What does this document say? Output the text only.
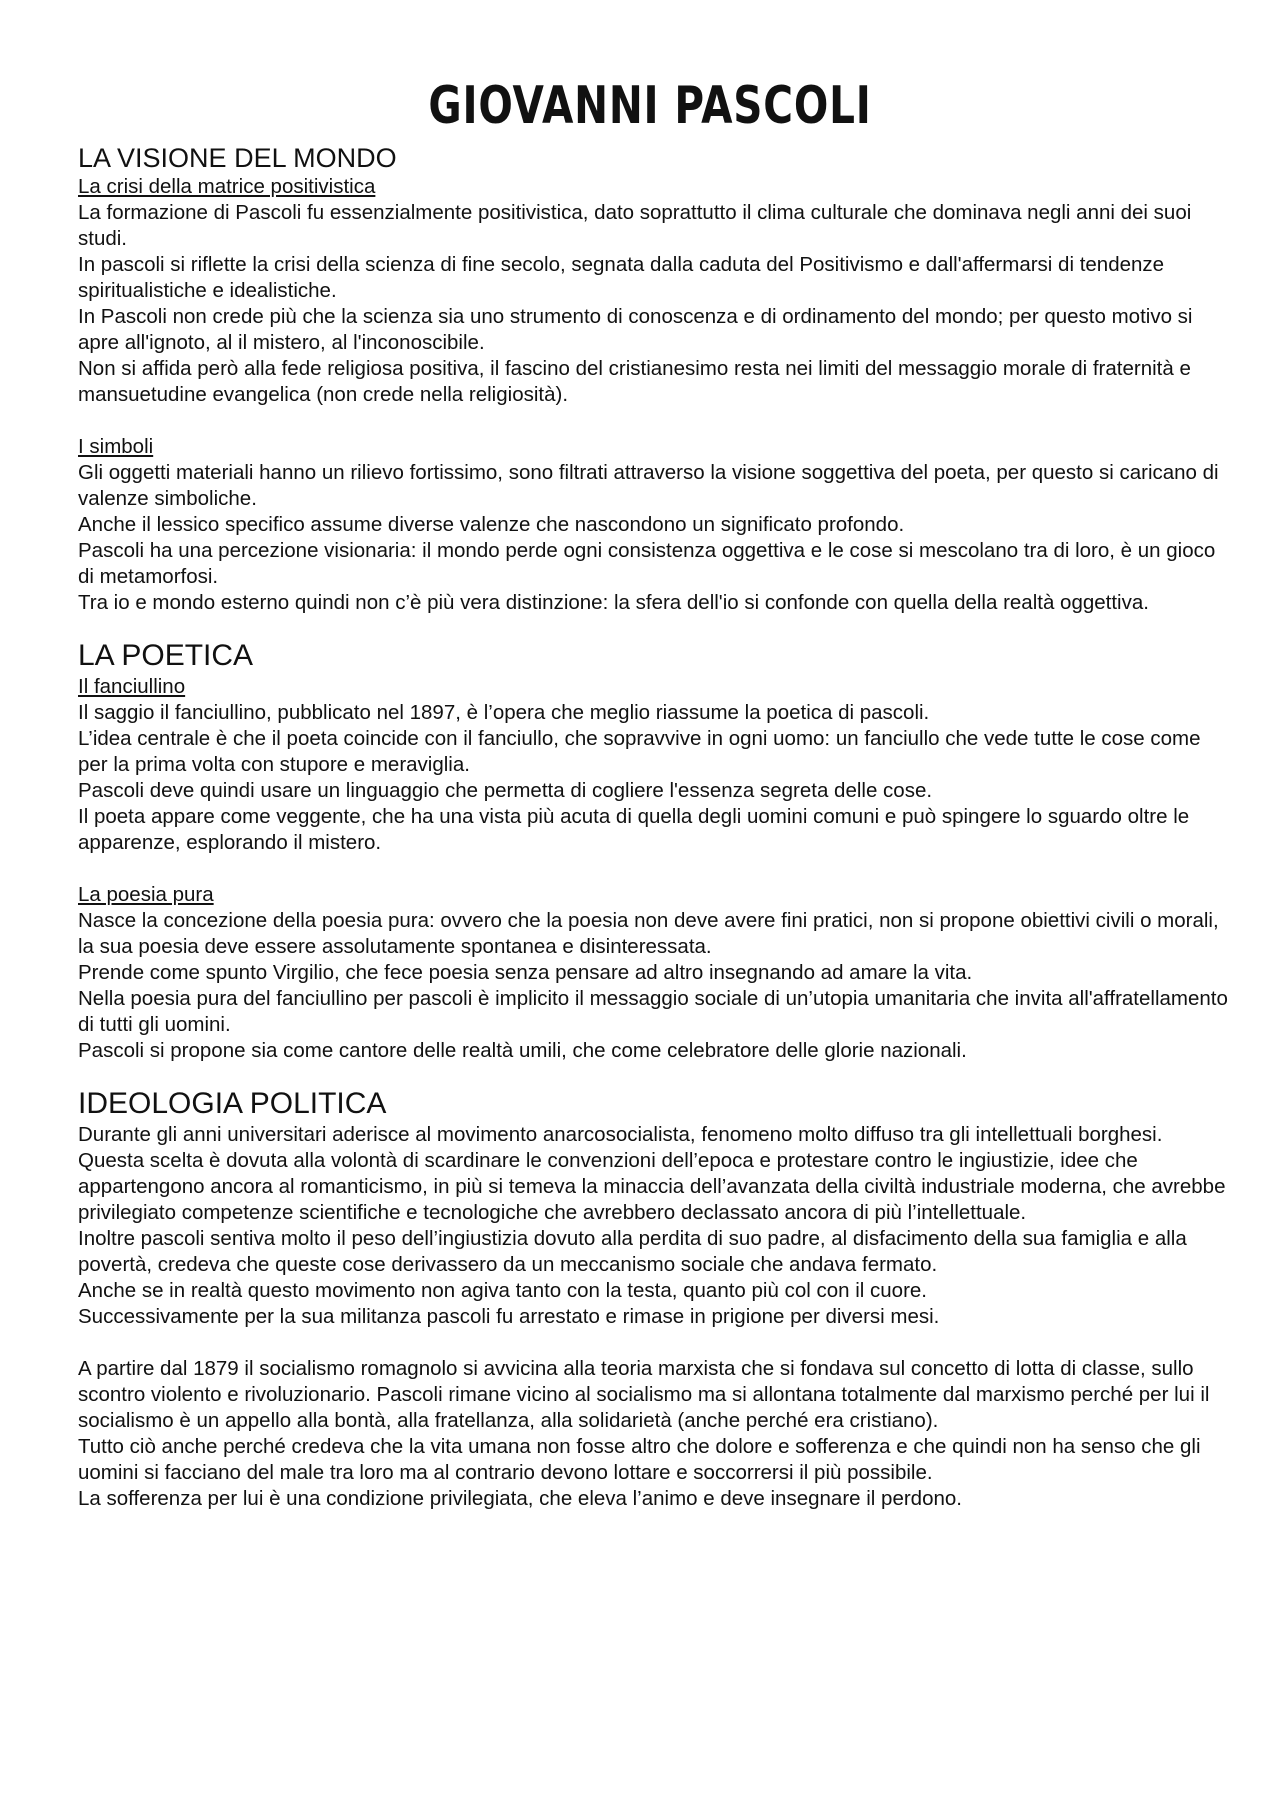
GIOVANNI PASCOLI
LA VISIONE DEL MONDO
La crisi della matrice positivistica
La formazione di Pascoli fu essenzialmente positivistica, dato soprattutto il clima culturale che dominava negli anni dei suoi studi.
In pascoli si riflette la crisi della scienza di fine secolo, segnata dalla caduta del Positivismo e dall'affermarsi di tendenze spiritualistiche e idealistiche.
In Pascoli non crede più che la scienza sia uno strumento di conoscenza e di ordinamento del mondo; per questo motivo si apre all'ignoto, al il mistero, al l'inconoscibile.
Non si affida però alla fede religiosa positiva, il fascino del cristianesimo resta nei limiti del messaggio morale di fraternità e mansuetudine evangelica (non crede nella religiosità).
I simboli
Gli oggetti materiali hanno un rilievo fortissimo, sono filtrati attraverso la visione soggettiva del poeta, per questo si caricano di valenze simboliche.
Anche il lessico specifico assume diverse valenze che nascondono un significato profondo.
Pascoli ha una percezione visionaria: il mondo perde ogni consistenza oggettiva e le cose si mescolano tra di loro, è un gioco di metamorfosi.
Tra io e mondo esterno quindi non c’è più vera distinzione: la sfera dell'io si confonde con quella della realtà oggettiva.
LA POETICA
Il fanciullino
Il saggio il fanciullino, pubblicato nel 1897, è l’opera che meglio riassume la poetica di pascoli.
L’idea centrale è che il poeta coincide con il fanciullo, che sopravvive in ogni uomo: un fanciullo che vede tutte le cose come per la prima volta con stupore e meraviglia.
Pascoli deve quindi usare un linguaggio che permetta di cogliere l'essenza segreta delle cose.
Il poeta appare come veggente, che ha una vista più acuta di quella degli uomini comuni e può spingere lo sguardo oltre le apparenze, esplorando il mistero.
La poesia pura
Nasce la concezione della poesia pura: ovvero che la poesia non deve avere fini pratici, non si propone obiettivi civili o morali, la sua poesia deve essere assolutamente spontanea e disinteressata.
Prende come spunto Virgilio, che fece poesia senza pensare ad altro insegnando ad amare la vita.
Nella poesia pura del fanciullino per pascoli è implicito il messaggio sociale di un’utopia umanitaria che invita all'affratellamento di tutti gli uomini.
Pascoli si propone sia come cantore delle realtà umili, che come celebratore delle glorie nazionali.
IDEOLOGIA POLITICA
Durante gli anni universitari aderisce al movimento anarcosocialista, fenomeno molto diffuso tra gli intellettuali borghesi.
Questa scelta è dovuta alla volontà di scardinare le convenzioni dell’epoca e protestare contro le ingiustizie, idee che appartengono ancora al romanticismo, in più si temeva la minaccia dell’avanzata della civiltà industriale moderna, che avrebbe privilegiato competenze scientifiche e tecnologiche che avrebbero declassato ancora di più l’intellettuale.
Inoltre pascoli sentiva molto il peso dell’ingiustizia dovuto alla perdita di suo padre, al disfacimento della sua famiglia e alla povertà, credeva che queste cose derivassero da un meccanismo sociale che andava fermato.
Anche se in realtà questo movimento non agiva tanto con la testa, quanto più col con il cuore.
Successivamente per la sua militanza pascoli fu arrestato e rimase in prigione per diversi mesi.
A partire dal 1879 il socialismo romagnolo si avvicina alla teoria marxista che si fondava sul concetto di lotta di classe, sullo scontro violento e rivoluzionario. Pascoli rimane vicino al socialismo ma si allontana totalmente dal marxismo perché per lui il socialismo è un appello alla bontà, alla fratellanza, alla solidarietà (anche perché era cristiano).
Tutto ciò anche perché credeva che la vita umana non fosse altro che dolore e sofferenza e che quindi non ha senso che gli uomini si facciano del male tra loro ma al contrario devono lottare e soccorrersi il più possibile.
La sofferenza per lui è una condizione privilegiata, che eleva l’animo e deve insegnare il perdono.
